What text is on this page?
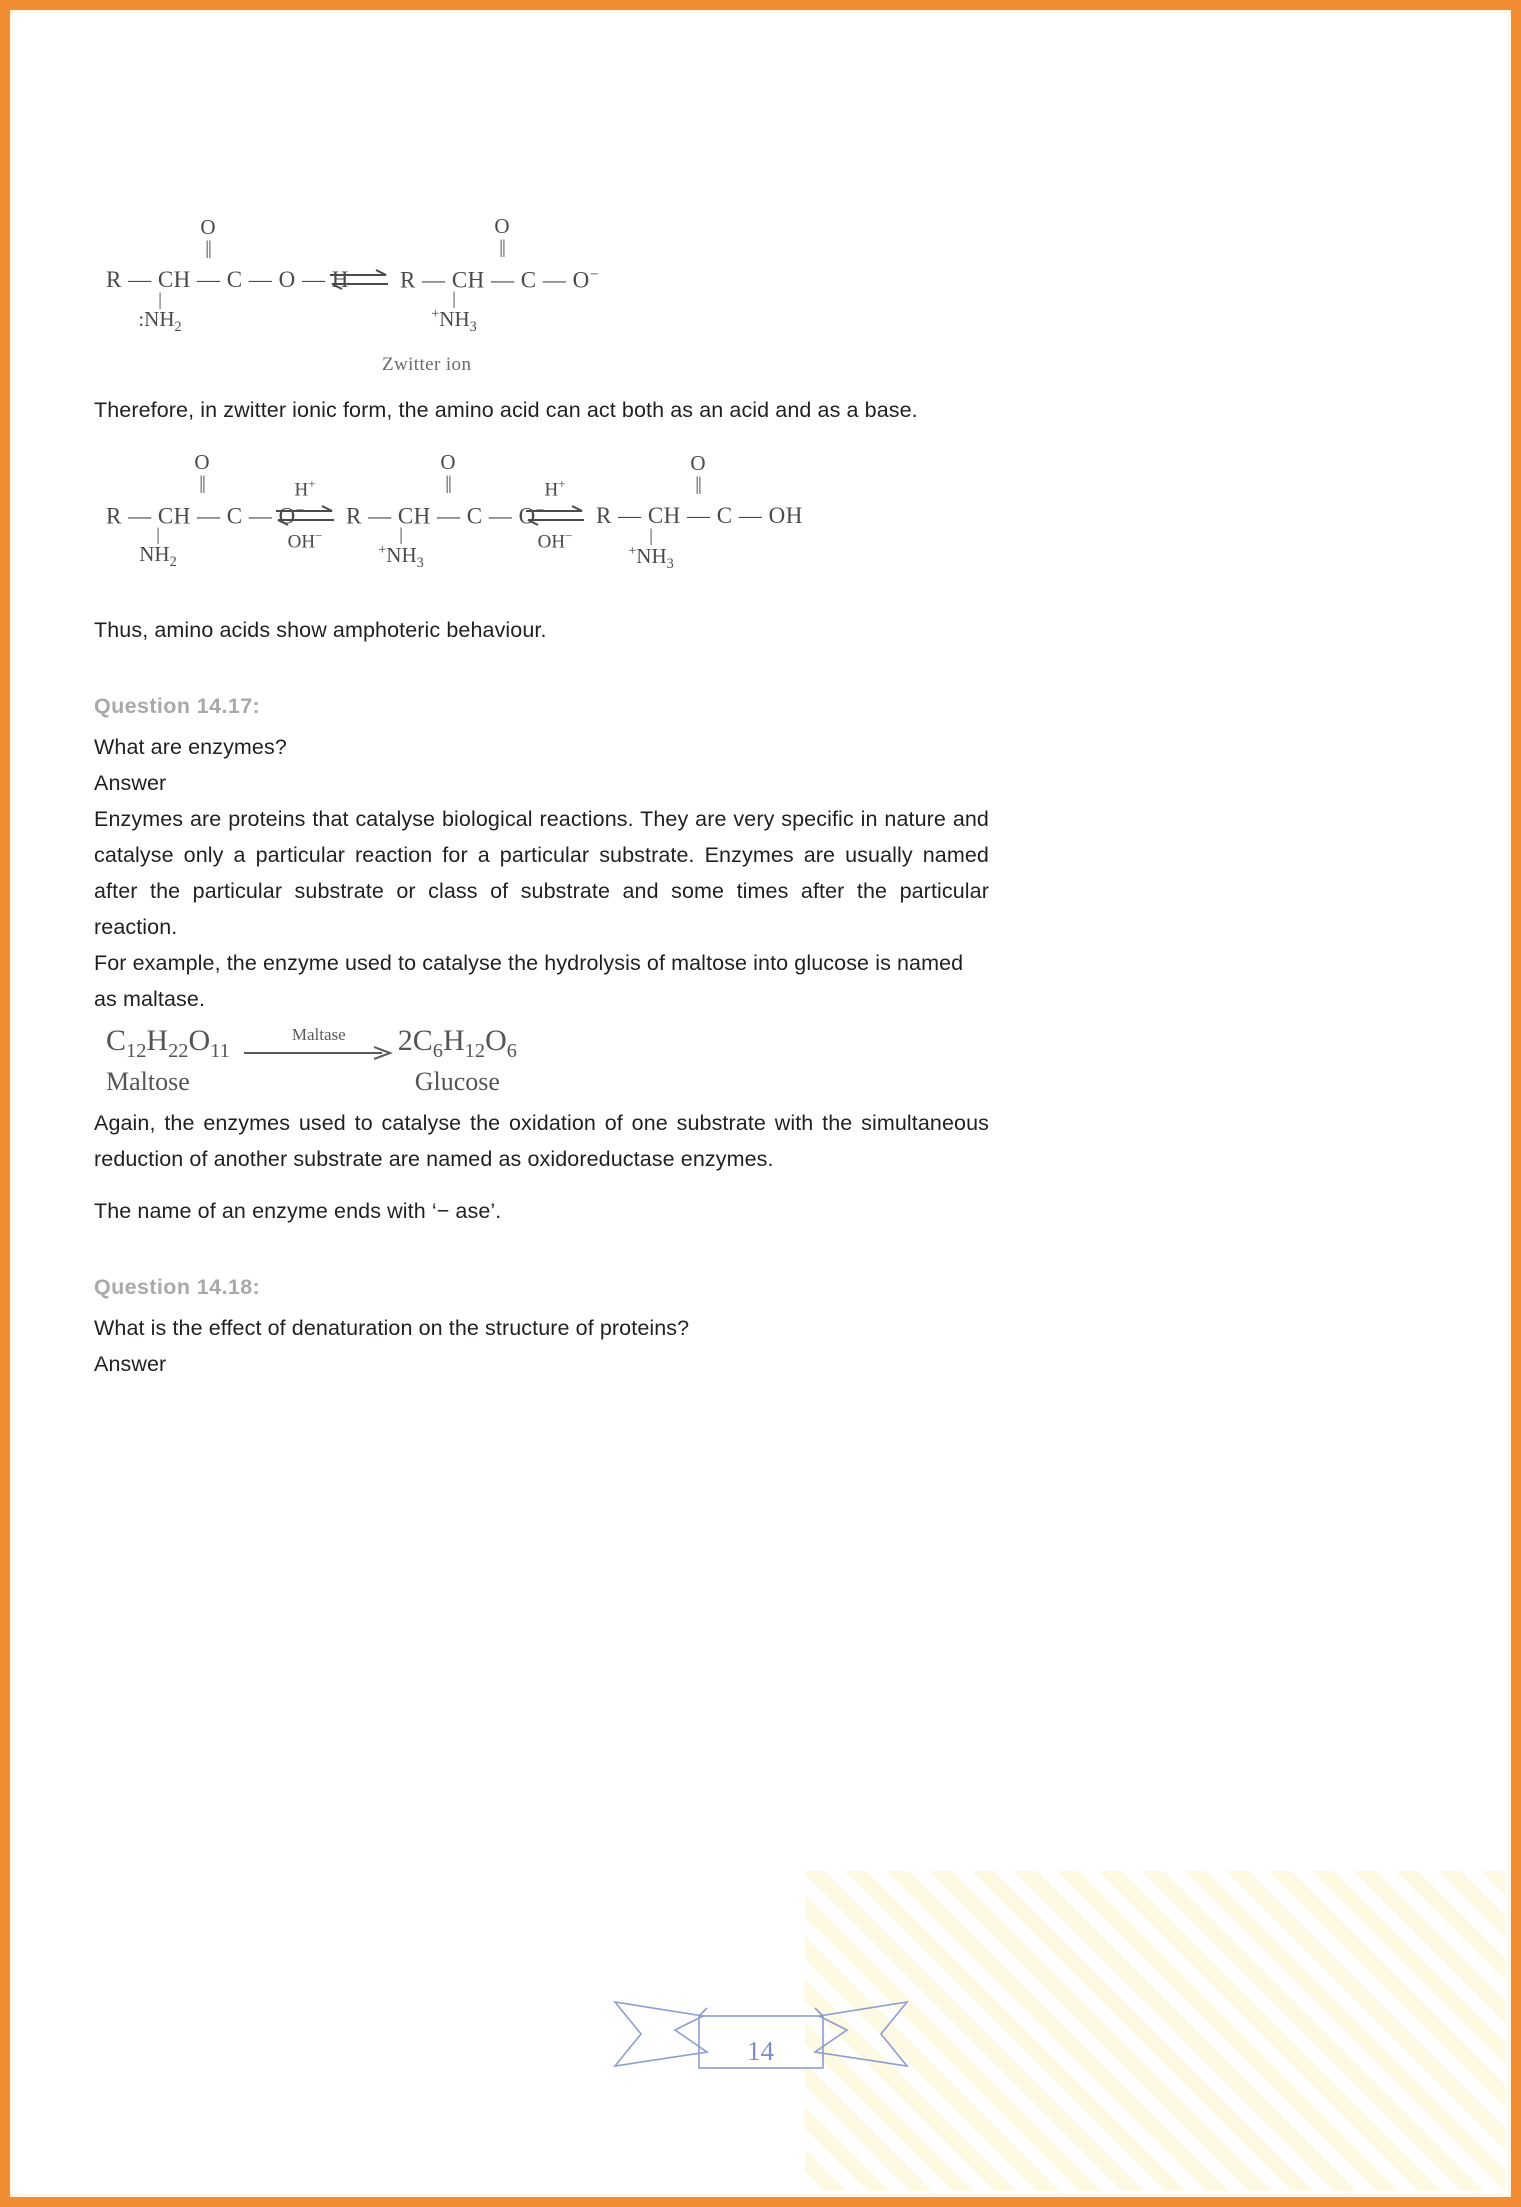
O
||
R — CH — C — O — H
|
$:NH_2$
O
||
R — CH — C — O−
|
$^+NH_3$
Zwitter ion

Therefore, in zwitter ionic form, the amino acid can act both as an acid and as a base.

O
||
R — CH — C — O−
|
$NH_2$
H+
OH−
O
||
R — CH — C — O−
|
$^+NH_3$
H+
OH−
O
||
R — CH — C — OH
|
$^+NH_3$

Thus, amino acids show amphoteric behaviour.

Question 14.17:

What are enzymes?

Answer

Enzymes are proteins that catalyse biological reactions. They are very specific in nature and catalyse only a particular reaction for a particular substrate. Enzymes are usually named after the particular substrate or class of substrate and some times after the particular reaction.

For example, the enzyme used to catalyse the hydrolysis of maltose into glucose is named as maltase.

$C_{12}H_{22}O_{11}$
Maltose
Maltase $2C_6H_{12}O_6$
Glucose

Again, the enzymes used to catalyse the oxidation of one substrate with the simultaneous reduction of another substrate are named as oxidoreductase enzymes.

The name of an enzyme ends with ‘− ase’.

Question 14.18:

What is the effect of denaturation on the structure of proteins?

Answer

14
